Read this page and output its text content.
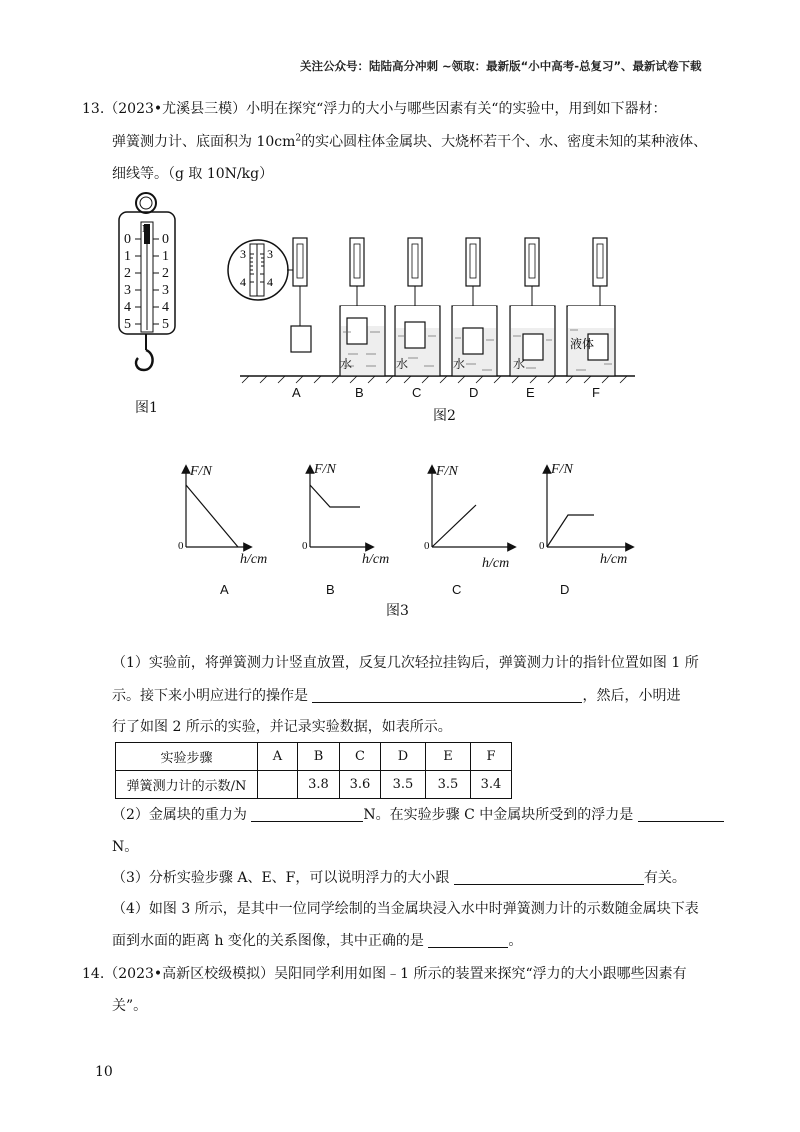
关注公众号：陆陆高分冲刺 ~领取：最新版“小中高考-总复习”、最新试卷下载
13.（2023•尤溪县三模）小明在探究“浮力的大小与哪些因素有关“的实验中，用到如下器材：
弹簧测力计、底面积为 $10cm^2$的实心圆柱体金属块、大烧杯若干个、水、密度未知的某种液体、
细线等。（g 取 10N/kg）
0 0
1 1
2 2
3 3
4 4
5 5
N
图1
3 3
4 4
水	水	水	水
液体
A	B	C	D	E	F
图2
F/N	F/N	F/N	F/N
h/cm	h/cm	h/cm	h/cm
0	0	0	0
A	B	C	D
图3
（1）实验前，将弹簧测力计竖直放置，反复几次轻拉挂钩后，弹簧测力计的指针位置如图 1 所
示。接下来小明应进行的操作是	，然后，小明进
行了如图 2 所示的实验，并记录实验数据，如表所示。
实验步骤	A	B	C	D	E	F
弹簧测力计的示数/N		3.8	3.6	3.5	3.5	3.4
（2）金属块的重力为	N。在实验步骤 C 中金属块所受到的浮力是
N。
（3）分析实验步骤 A、E、F，可以说明浮力的大小跟	有关。
（4）如图 3 所示，是其中一位同学绘制的当金属块浸入水中时弹簧测力计的示数随金属块下表
面到水面的距离 h 变化的关系图像，其中正确的是	。
14.（2023•高新区校级模拟）吴阳同学利用如图﹣1 所示的装置来探究“浮力的大小跟哪些因素有
关”。
10
